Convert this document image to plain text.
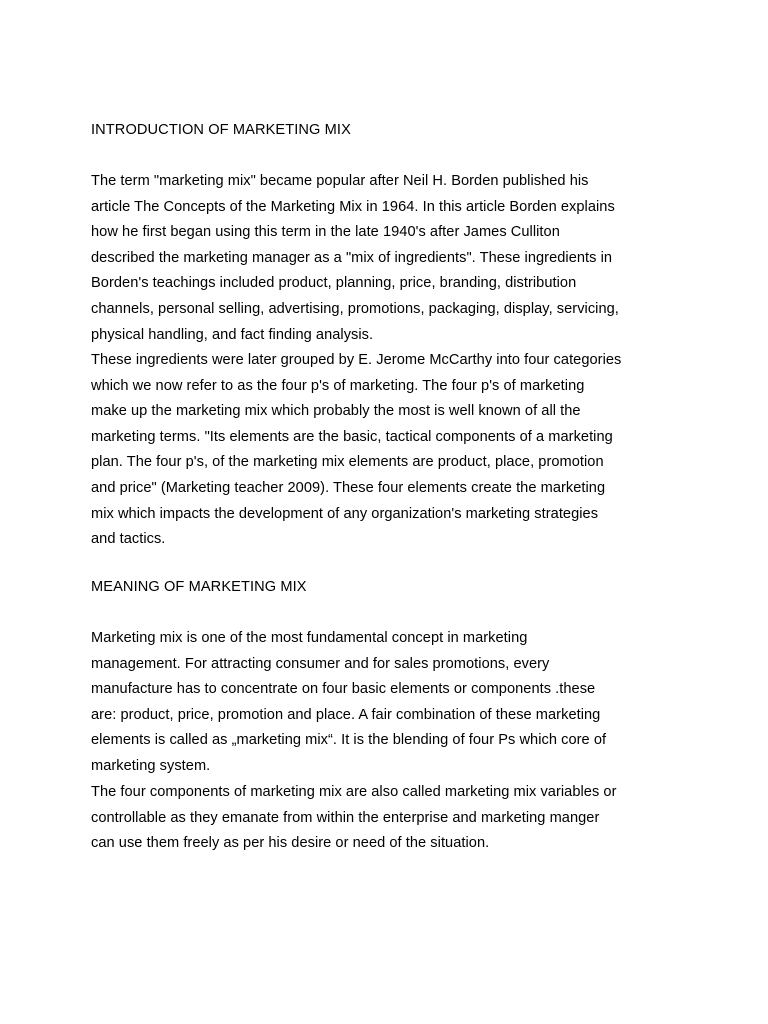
INTRODUCTION OF MARKETING MIX

The term "marketing mix" became popular after Neil H. Borden published his
article The Concepts of the Marketing Mix in 1964. In this article Borden explains
how he first began using this term in the late 1940's after James Culliton
described the marketing manager as a "mix of ingredients". These ingredients in
Borden's teachings included product, planning, price, branding, distribution
channels, personal selling, advertising, promotions, packaging, display, servicing,
physical handling, and fact finding analysis.

These ingredients were later grouped by E. Jerome McCarthy into four categories
which we now refer to as the four p's of marketing. The four p's of marketing
make up the marketing mix which probably the most is well known of all the
marketing terms. "Its elements are the basic, tactical components of a marketing
plan. The four p's, of the marketing mix elements are product, place, promotion
and price" (Marketing teacher 2009). These four elements create the marketing
mix which impacts the development of any organization's marketing strategies
and tactics.

MEANING OF MARKETING MIX

Marketing mix is one of the most fundamental concept in marketing
management. For attracting consumer and for sales promotions, every
manufacture has to concentrate on four basic elements or components .these
are: product, price, promotion and place. A fair combination of these marketing
elements is called as „marketing mix“. It is the blending of four Ps which core of
marketing system.

The four components of marketing mix are also called marketing mix variables or
controllable as they emanate from within the enterprise and marketing manger
can use them freely as per his desire or need of the situation.
